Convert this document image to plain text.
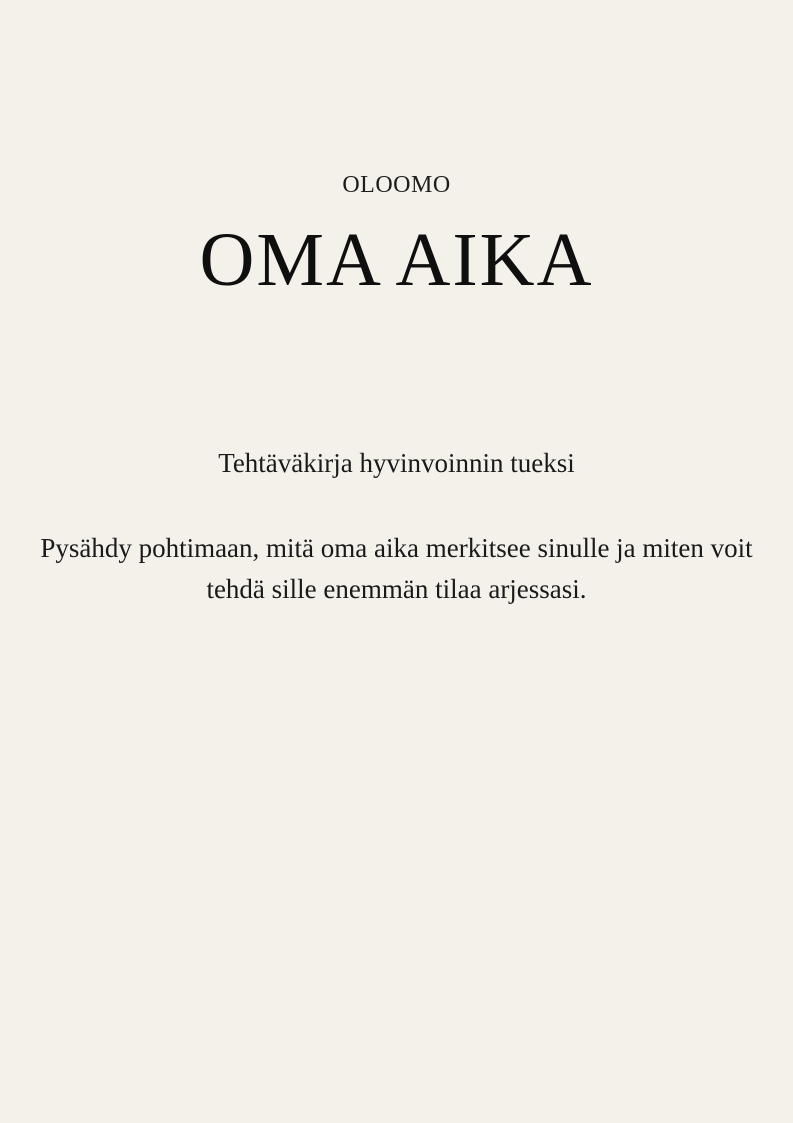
OLOOMO
OMA AIKA
Tehtäväkirja hyvinvoinnin tueksi
Pysähdy pohtimaan, mitä oma aika merkitsee sinulle ja miten voit tehdä sille enemmän tilaa arjessasi.
